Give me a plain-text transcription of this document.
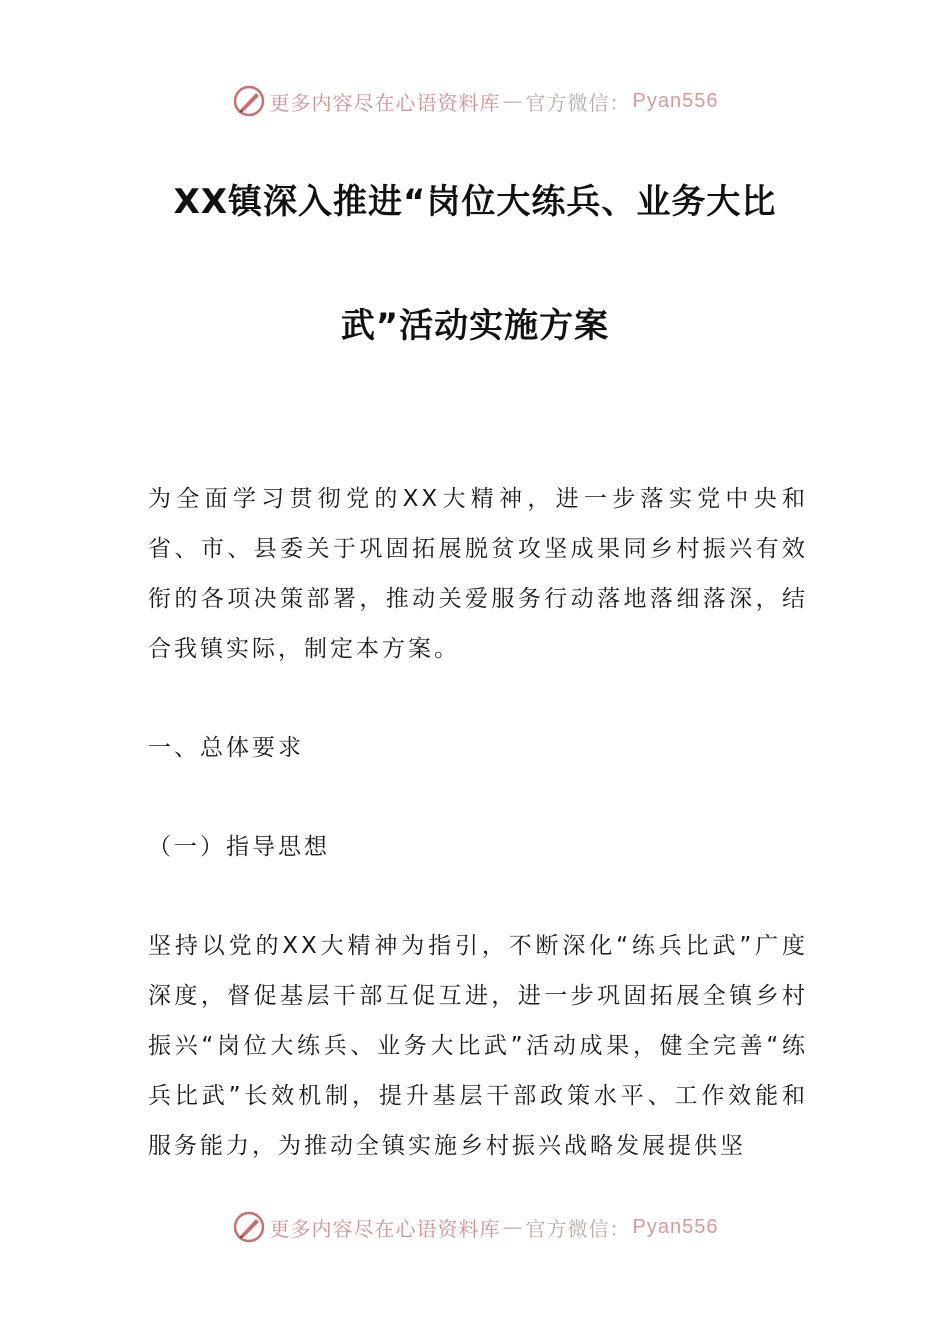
更多内容尽在心语资料库 — 官方微信： Pyan556
XX镇深入推进“岗位大练兵、业务大比
武”活动实施方案

为全面学习贯彻党的XX大精神，进一步落实党中央和省、市、县委关于巩固拓展脱贫攻坚成果同乡村振兴有效衔的各项决策部署，推动关爱服务行动落地落细落深，结合我镇实际，制定本方案。

一、总体要求

（一）指导思想

坚持以党的XX大精神为指引，不断深化“练兵比武”广度深度，督促基层干部互促互进，进一步巩固拓展全镇乡村振兴“岗位大练兵、业务大比武”活动成果，健全完善“练兵比武”长效机制，提升基层干部政策水平、工作效能和服务能力，为推动全镇实施乡村振兴战略发展提供坚

更多内容尽在心语资料库 — 官方微信： Pyan556
